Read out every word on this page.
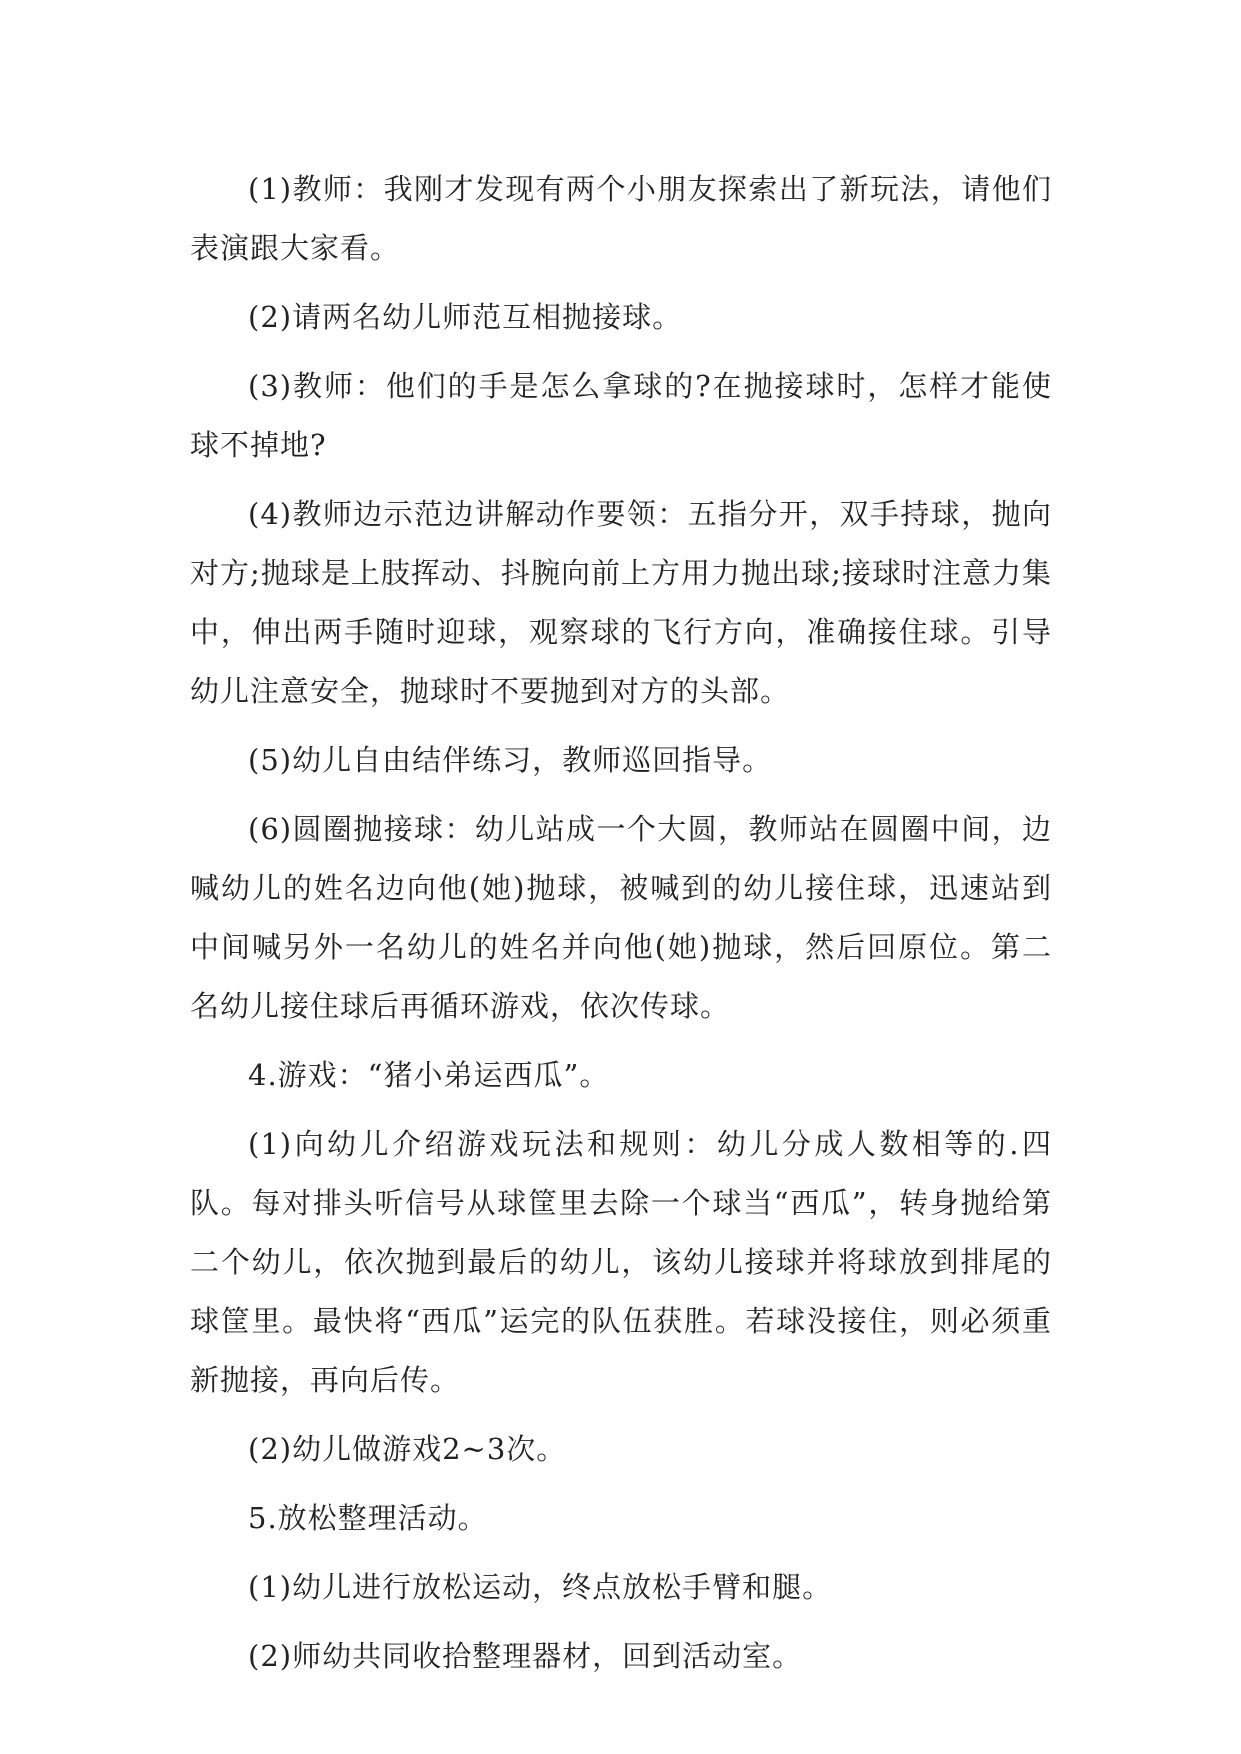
(1)教师：我刚才发现有两个小朋友探索出了新玩法，请他们表演跟大家看。

(2)请两名幼儿师范互相抛接球。

(3)教师：他们的手是怎么拿球的?在抛接球时，怎样才能使球不掉地?

(4)教师边示范边讲解动作要领：五指分开，双手持球，抛向对方;抛球是上肢挥动、抖腕向前上方用力抛出球;接球时注意力集中，伸出两手随时迎球，观察球的飞行方向，准确接住球。引导幼儿注意安全，抛球时不要抛到对方的头部。

(5)幼儿自由结伴练习，教师巡回指导。

(6)圆圈抛接球：幼儿站成一个大圆，教师站在圆圈中间，边喊幼儿的姓名边向他(她)抛球，被喊到的幼儿接住球，迅速站到中间喊另外一名幼儿的姓名并向他(她)抛球，然后回原位。第二名幼儿接住球后再循环游戏，依次传球。

4.游戏：“猪小弟运西瓜”。

(1)向幼儿介绍游戏玩法和规则：幼儿分成人数相等的.四队。每对排头听信号从球筐里去除一个球当“西瓜”，转身抛给第二个幼儿，依次抛到最后的幼儿，该幼儿接球并将球放到排尾的球筐里。最快将“西瓜”运完的队伍获胜。若球没接住，则必须重新抛接，再向后传。

(2)幼儿做游戏2~3次。

5.放松整理活动。

(1)幼儿进行放松运动，终点放松手臂和腿。

(2)师幼共同收拾整理器材，回到活动室。
